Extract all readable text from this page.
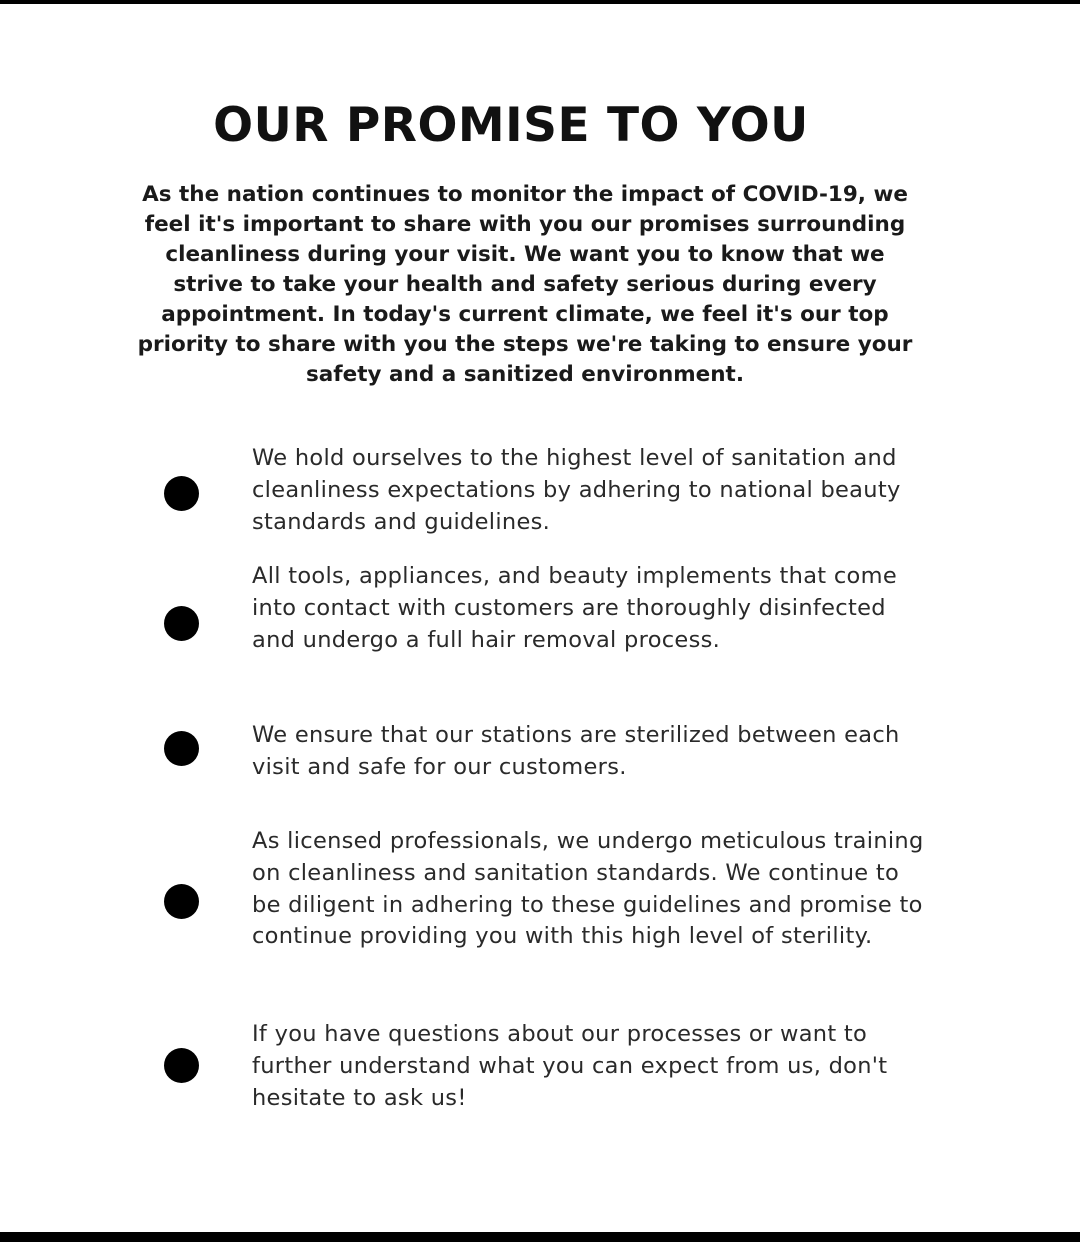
OUR PROMISE TO YOU

As the nation continues to monitor the impact of COVID-19, we feel it's important to share with you our promises surrounding cleanliness during your visit. We want you to know that we strive to take your health and safety serious during every appointment. In today's current climate, we feel it's our top priority to share with you the steps we're taking to ensure your safety and a sanitized environment.

We hold ourselves to the highest level of sanitation and cleanliness expectations by adhering to national beauty standards and guidelines.

All tools, appliances, and beauty implements that come into contact with customers are thoroughly disinfected and undergo a full hair removal process.

We ensure that our stations are sterilized between each visit and safe for our customers.

As licensed professionals, we undergo meticulous training on cleanliness and sanitation standards. We continue to be diligent in adhering to these guidelines and promise to continue providing you with this high level of sterility.

If you have questions about our processes or want to further understand what you can expect from us, don't hesitate to ask us!
